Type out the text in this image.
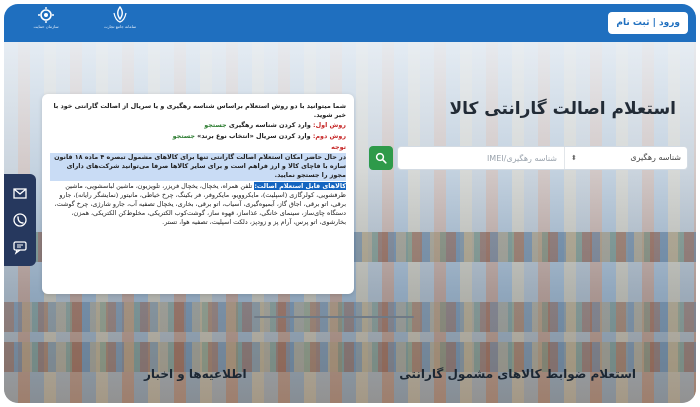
ورود | ثبت نام
سامانه جامع تجارت
سازمان حمایت
استعلام اصالت گارانتی کالا
شناسه رهگیری
⬍
شناسه رهگیری/IMEI

شما میتوانید با دو روش استعلام براساس شناسه رهگیری و یا سریال از اصالت گارانتی خود با خبر شوید.

روش اول: وارد کردن شناسه رهگیری جستجو

روش دوم: وارد کردن سریال «انتخاب نوع برند» جستجو

توجه

در حال حاضر امکان استعلام اصالت گارانتی تنها برای کالاهای مشمول تبصره ۴ ماده ۱۸ قانون سازه با فاچای کالا و ارز فراهم است و برای سایر کالاها صرفا می‌توانید شرکت‌های دارای مجوز را جستجو نمایید.

کالاهای قابل استعلام اصالت: تلفن همراه، یخچال، یخچال فریزر، تلویزیون، ماشین لباسشویی، ماشین ظرفشویی، کولرگازی (اسپلیت)، مایکروویو، مایکروفر، فر بکینگ، چرخ خیاطی، مانیتور (نمایشگر رایانه)، جارو برقی، اتو برقی، اجاق گاز، آبمیوه‌گیری، آسیاب، اتو برقی، بخاری، یخچال تصفیه آب، جارو شارژی، چرخ گوشت، دستگاه چای‌ساز، سینمای خانگی، غذاساز، قهوه ساز، گوشت‌کوب الکتریکی، مخلوط‌کن الکتریکی، همزن، بخارشوی، اتو پرس، آرام پز و زودپز، دلکت اسپلیت، تصفیه هوا، تستر.

استعلام ضوابط کالاهای مشمول گارانتی
اطلاعیه‌ها و اخبار
